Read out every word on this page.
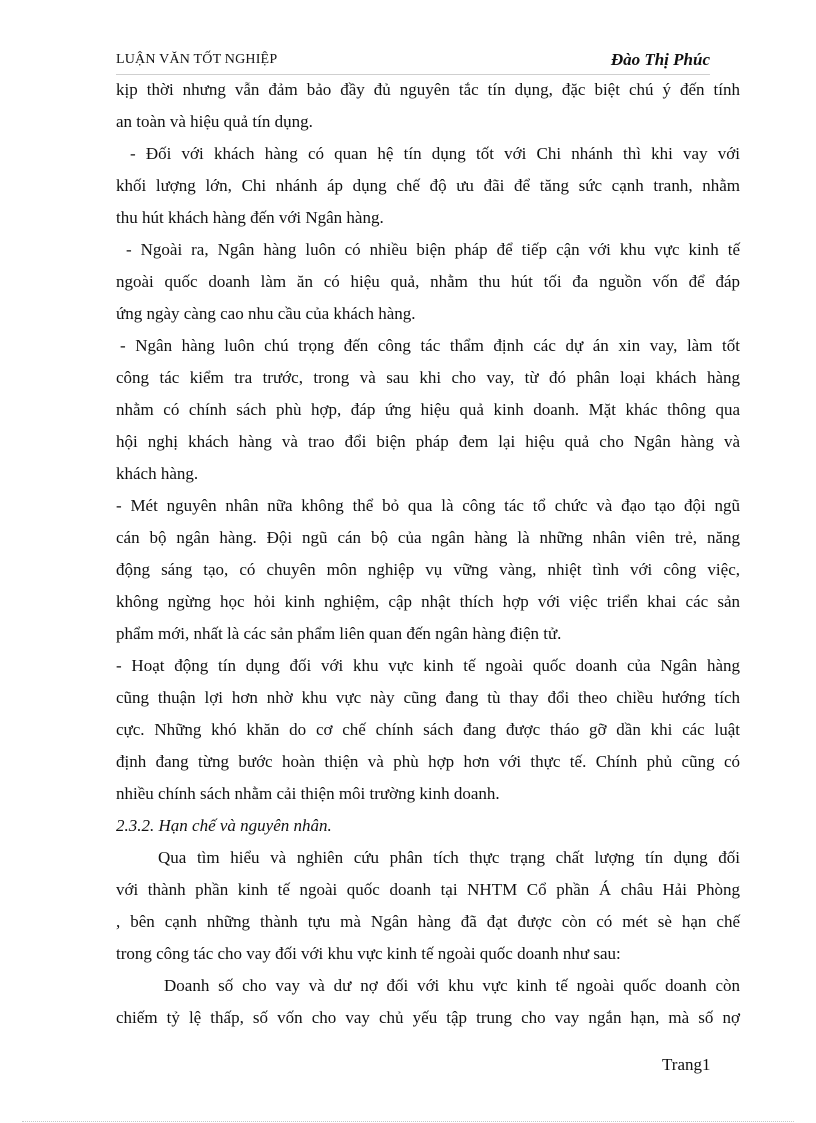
LUẬN VĂN TỐT NGHIỆP	Đào Thị Phúc
kịp thời nhưng vẫn đảm bảo đầy đủ nguyên tắc tín dụng, đặc biệt chú ý đến tính
an toàn và hiệu quả tín dụng.
- Đối với khách hàng có quan hệ tín dụng tốt với Chi nhánh thì khi vay với
khối lượng lớn, Chi nhánh áp dụng chế độ ưu đãi để tăng sức cạnh tranh, nhằm
thu hút khách hàng đến với Ngân hàng.
- Ngoài ra, Ngân hàng luôn có nhiều biện pháp để tiếp cận với khu vực kinh tế
ngoài quốc doanh làm ăn có hiệu quả, nhằm thu hút tối đa nguồn vốn để đáp
ứng ngày càng cao nhu cầu của khách hàng.
- Ngân hàng luôn chú trọng đến công tác thẩm định các dự án xin vay, làm tốt
công tác kiểm tra trước, trong và sau khi cho vay, từ đó phân loại khách hàng
nhằm có chính sách phù hợp, đáp ứng hiệu quả kinh doanh. Mặt khác thông qua
hội nghị khách hàng và trao đổi biện pháp đem lại hiệu quả cho Ngân hàng và
khách hàng.
- Mét nguyên nhân nữa không thể bỏ qua là công tác tổ chức và đạo tạo đội ngũ
cán bộ ngân hàng. Đội ngũ cán bộ của ngân hàng là những nhân viên trẻ, năng
động sáng tạo, có chuyên môn nghiệp vụ vững vàng, nhiệt tình với công việc,
không ngừng học hỏi kinh nghiệm, cập nhật thích hợp với việc triển khai các sản
phẩm mới, nhất là các sản phẩm liên quan đến ngân hàng điện tử.
- Hoạt động tín dụng đối với khu vực kinh tế ngoài quốc doanh của Ngân hàng
cũng thuận lợi hơn nhờ khu vực này cũng đang tù thay đổi theo chiều hướng tích
cực. Những khó khăn do cơ chế chính sách đang được tháo gỡ dần khi các luật
định đang từng bước hoàn thiện và phù hợp hơn với thực tế. Chính phủ cũng có
nhiều chính sách nhằm cải thiện môi trường kinh doanh.
2.3.2. Hạn chế và nguyên nhân.
Qua tìm hiểu và nghiên cứu phân tích thực trạng chất lượng tín dụng đối
với thành phần kinh tế ngoài quốc doanh tại NHTM Cổ phần Á châu Hải Phòng
, bên cạnh những thành tựu mà Ngân hàng đã đạt được còn có mét sè hạn chế
trong công tác cho vay đối với khu vực kinh tế ngoài quốc doanh như sau:
Doanh số cho vay và dư nợ đối với khu vực kinh tế ngoài quốc doanh còn
chiếm tỷ lệ thấp, số vốn cho vay chủ yếu tập trung cho vay ngắn hạn, mà số nợ
Trang1
